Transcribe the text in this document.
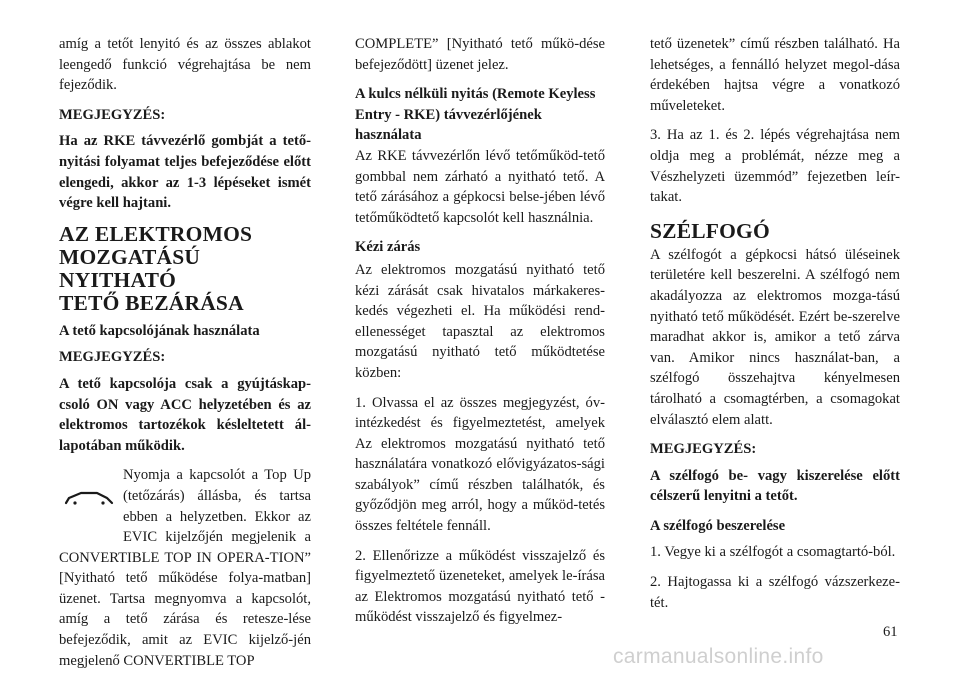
amíg a tetőt lenyitó és az összes ablakot leengedő funkció végrehajtása be nem fejeződik.

MEGJEGYZÉS:

Ha az RKE távvezérlő gombját a tető-nyitási folyamat teljes befejeződése előtt elengedi, akkor az 1-3 lépéseket ismét végre kell hajtani.

AZ ELEKTROMOS
MOZGATÁSÚ NYITHATÓ
TETŐ BEZÁRÁSA

A tető kapcsolójának használata

MEGJEGYZÉS:

A tető kapcsolója csak a gyújtáskap-csoló ON vagy ACC helyzetében és az elektromos tartozékok késleltetett ál-lapotában működik.

Nyomja a kapcsolót a Top Up (tetőzárás) állásba, és tartsa ebben a helyzetben. Ekkor az EVIC kijelzőjén megjelenik a CONVERTIBLE TOP IN OPERA-TION” [Nyitható tető működése folya-matban] üzenet. Tartsa megnyomva a kapcsolót, amíg a tető zárása és reteszе-lése befejeződik, amit az EVIC kijelző-jén megjelenő CONVERTIBLE TOP

COMPLETE” [Nyitható tető műkö-dése befejeződött] üzenet jelez.

A kulcs nélküli nyitás (Remote Keyless Entry - RKE) távvezérlőjének használata

Az RKE távvezérlőn lévő tetőműköd-tető gombbal nem zárható a nyitható tető. A tető zárásához a gépkocsi belse-jében lévő tetőműködtető kapcsolót kell használnia.

Kézi zárás

Az elektromos mozgatású nyitható tető kézi zárását csak hivatalos márkakeres-kedés végezheti el. Ha működési rend-ellenességet tapasztal az elektromos mozgatású nyitható tető működtetése közben:

1. Olvassa el az összes megjegyzést, óv-intézkedést és figyelmeztetést, amelyek Az elektromos mozgatású nyitható tető használatára vonatkozó elővigyázatos-sági szabályok” című részben találhatók, és győződjön meg arról, hogy a működ-tetés összes feltétele fennáll.

2. Ellenőrizze a működést visszajelző és figyelmeztető üzeneteket, amelyek le-írása az Elektromos mozgatású nyitható tető - működést visszajelző és figyelmez-

tető üzenetek” című részben található. Ha lehetséges, a fennálló helyzet megol-dása érdekében hajtsa végre a vonatkozó műveleteket.

3. Ha az 1. és 2. lépés végrehajtása nem oldja meg a problémát, nézze meg a Vészhelyzeti üzemmód” fejezetben leír-takat.

SZÉLFOGÓ

A szélfogót a gépkocsi hátsó üléseinek területére kell beszerelni. A szélfogó nem akadályozza az elektromos mozga-tású nyitható tető működését. Ezért be-szerelve maradhat akkor is, amikor a tető zárva van. Amikor nincs használat-ban, a szélfogó összehajtva kényelmesen tárolható a csomagtérben, a csomagokat elválasztó elem alatt.

MEGJEGYZÉS:

A szélfogó be- vagy kiszerelése előtt célszerű lenyitni a tetőt.

A szélfogó beszerelése

1. Vegye ki a szélfogót a csomagtartó-ból.

2. Hajtogassa ki a szélfogó vázszerkeze-tét.

61
carmanualsonline.info
